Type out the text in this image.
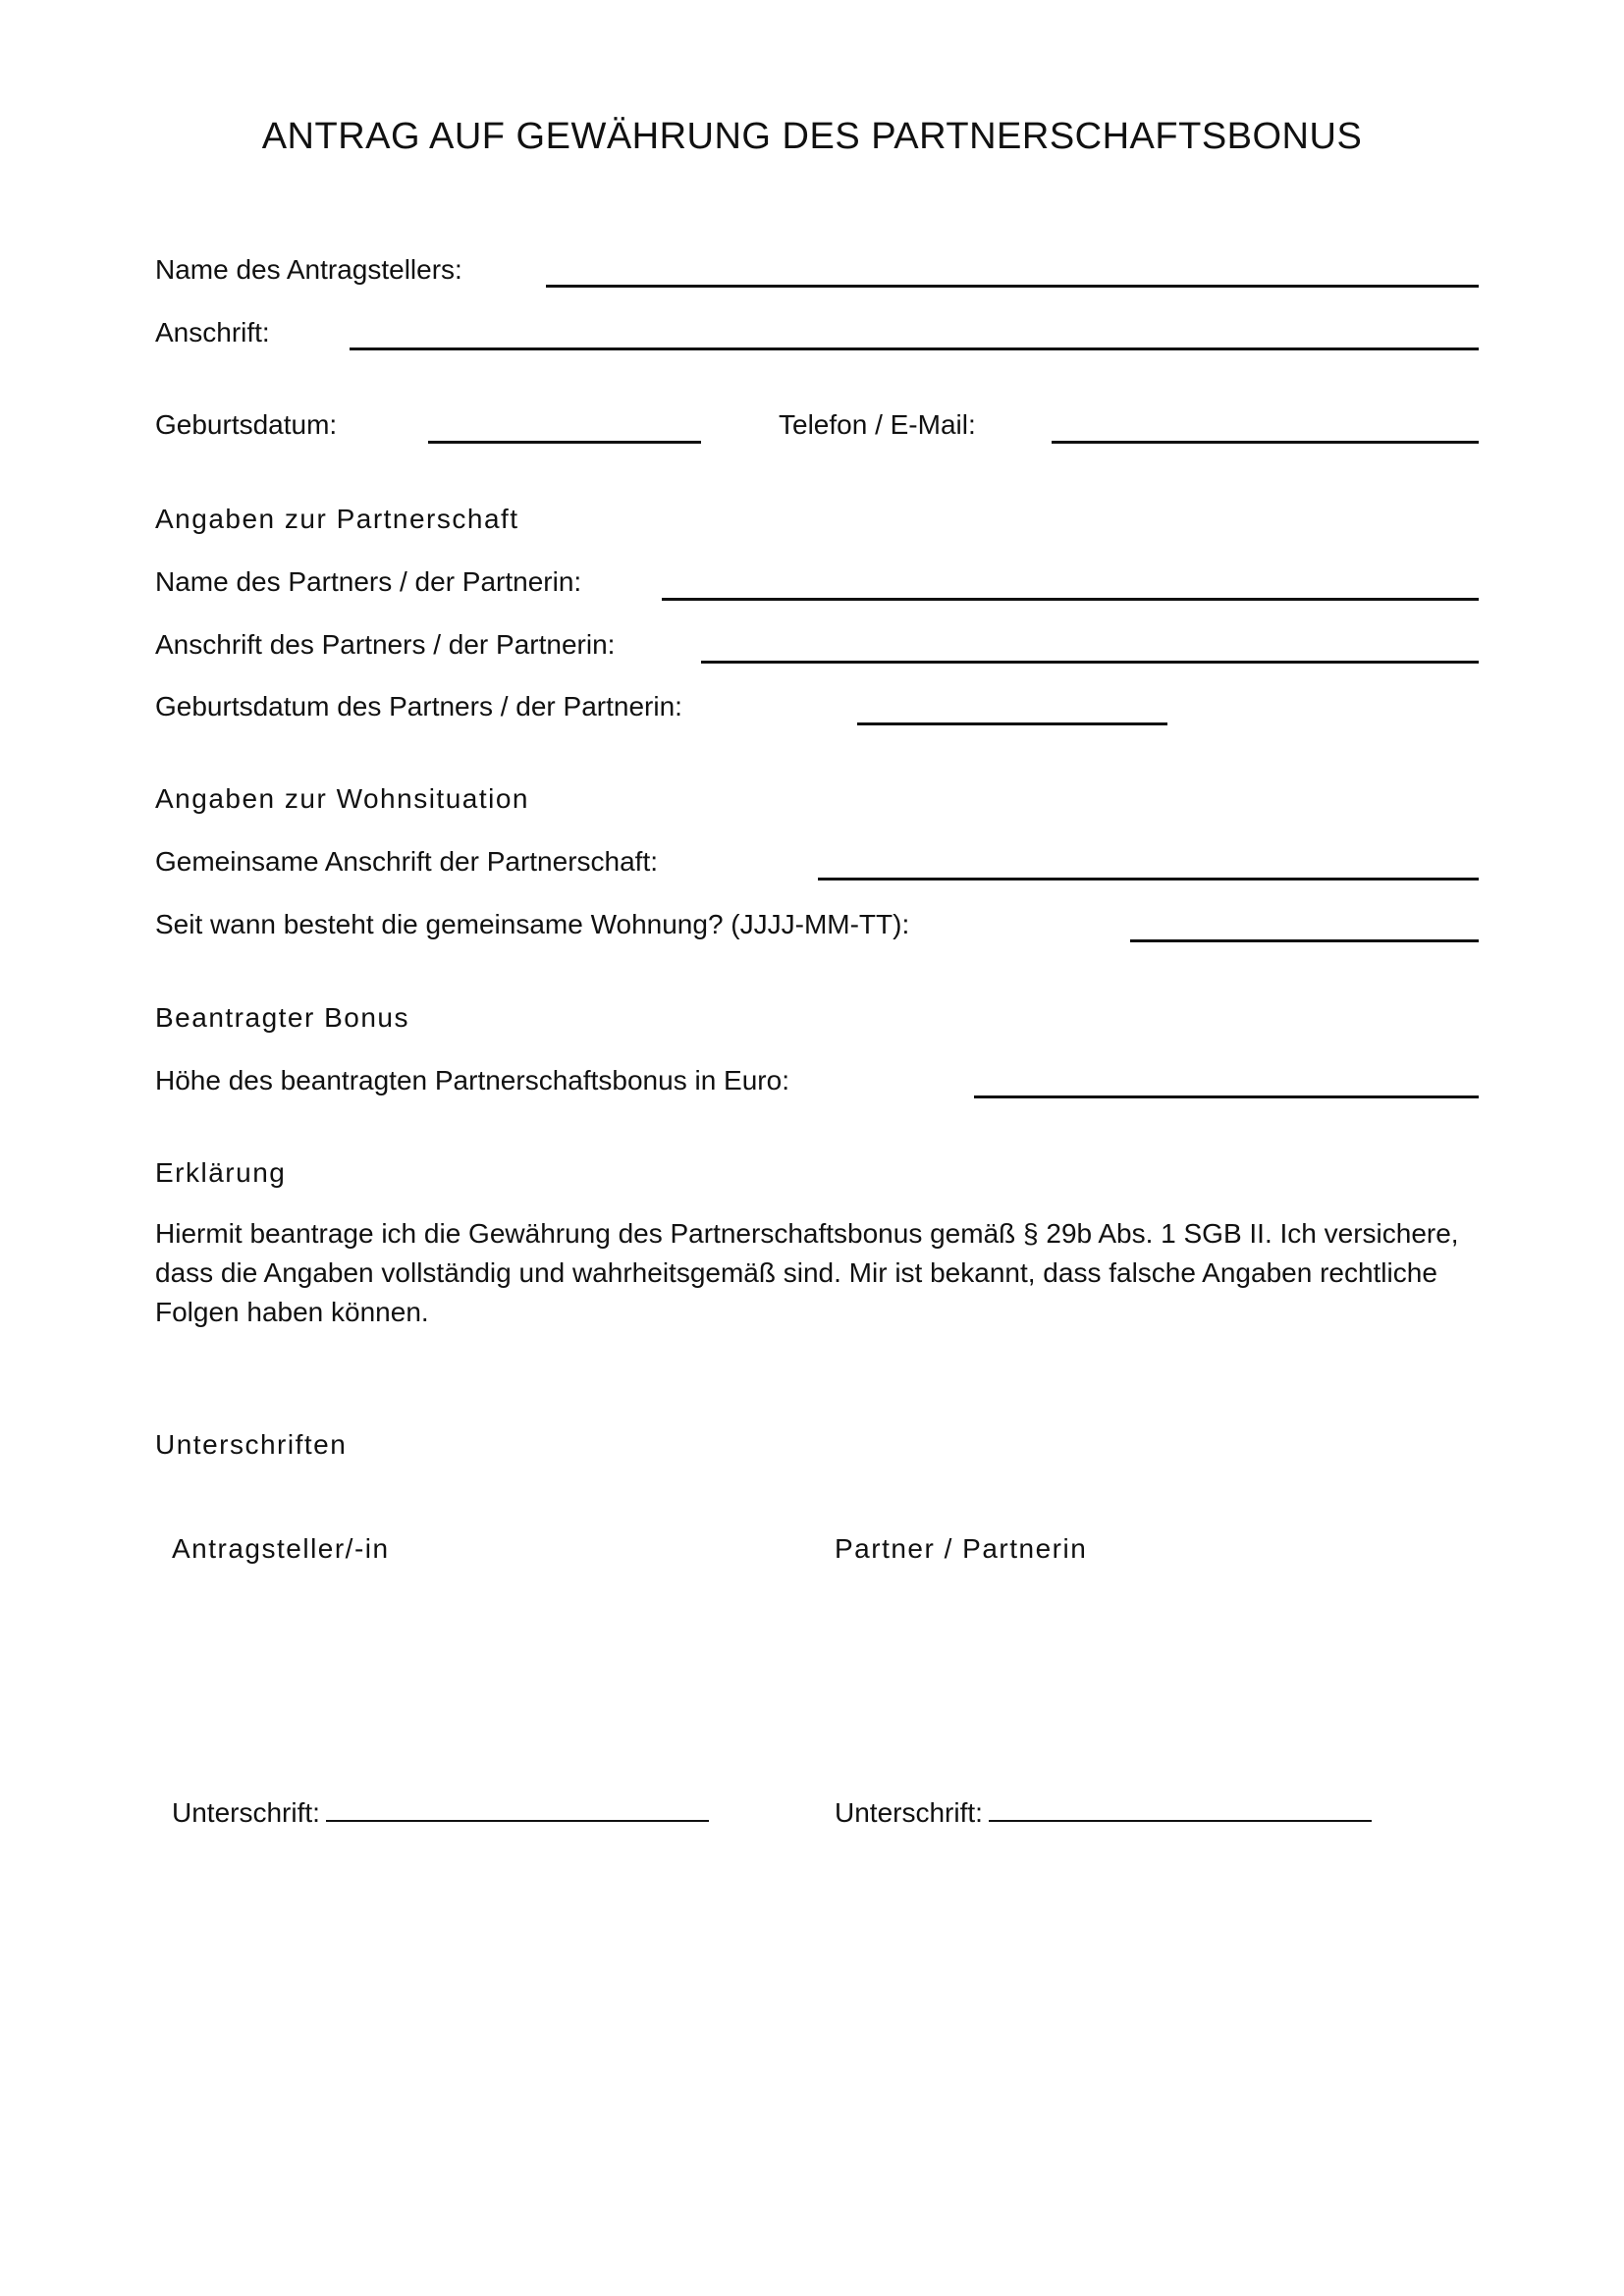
ANTRAG AUF GEWÄHRUNG DES PARTNERSCHAFTSBONUS
Name des Antragstellers:
Anschrift:
Geburtsdatum:	Telefon / E-Mail:
Angaben zur Partnerschaft
Name des Partners / der Partnerin:
Anschrift des Partners / der Partnerin:
Geburtsdatum des Partners / der Partnerin:
Angaben zur Wohnsituation
Gemeinsame Anschrift der Partnerschaft:
Seit wann besteht die gemeinsame Wohnung? (JJJJ-MM-TT):
Beantragter Bonus
Höhe des beantragten Partnerschaftsbonus in Euro:
Erklärung
Hiermit beantrage ich die Gewährung des Partnerschaftsbonus gemäß § 29b Abs. 1 SGB II. Ich versichere, dass die Angaben vollständig und wahrheitsgemäß sind. Mir ist bekannt, dass falsche Angaben rechtliche Folgen haben können.
Unterschriften
Antragsteller/-in	Partner / Partnerin
Unterschrift:	Unterschrift:
